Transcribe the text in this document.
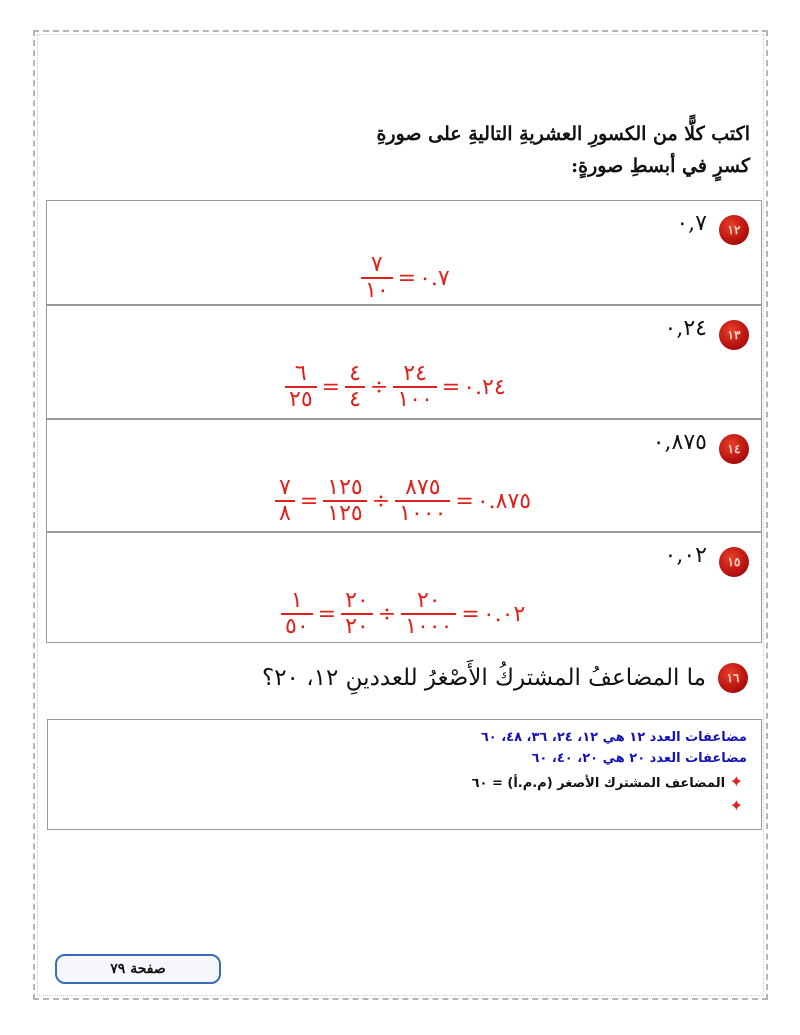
اكتب كلًّا من الكسورِ العشريةِ التاليةِ على صورةِ
كسرٍ في أبسطِ صورةٍ:
١٢
٠,٧
$\frac{٧}{١٠}$ = ٠.٧
١٣
٠,٢٤
$\frac{٦}{٢٥} = \frac{٤}{٤} \div \frac{٢٤}{١٠٠}$ = ٠.٢٤
١٤
٠,٨٧٥
$\frac{٧}{٨} = \frac{١٢٥}{١٢٥} \div \frac{٨٧٥}{١٠٠٠}$ = ٠.٨٧٥
١٥
٠,٠٢
$\frac{١}{٥٠} = \frac{٢٠}{٢٠} \div \frac{٢٠}{١٠٠٠}$ = ٠.٠٢
١٦
ما المضاعفُ المشتركُ الأَصْغرُ للعددينِ ١٢، ٢٠؟
مضاعفات العدد ١٢ هي ١٢، ٢٤، ٣٦، ٤٨، ٦٠
مضاعفات العدد ٢٠ هي ٢٠، ٤٠، ٦٠
✦ المضاعف المشترك الأصغر (م.م.أ) = ٦٠
✦
صفحة ٧٩
